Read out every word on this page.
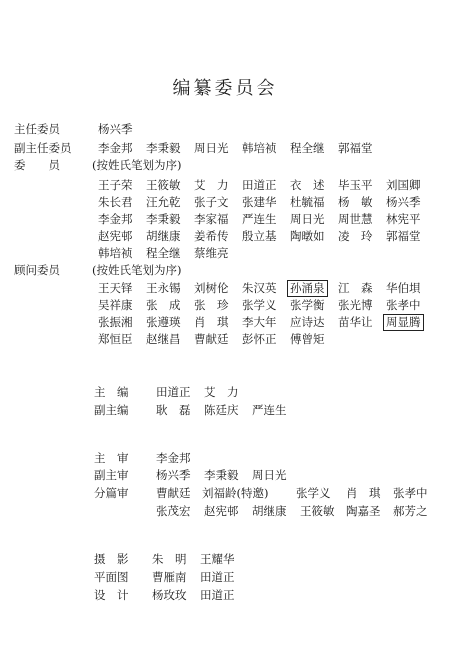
编纂委员会
主任委员	杨兴季
副主任委员 李金邦 李秉毅 周日光 韩培祯 程全继 郭福堂
委　　员	(按姓氏笔划为序)
王子荣 王筱敏 艾　力 田道正 衣　述 毕玉平 刘国卿
朱长君 汪允乾 张子文 张建华 杜毓福 杨　敏 杨兴季
李金邦 李秉毅 李家福 严连生 周日光 周世慧 林宪平
赵宪邨 胡继康 姜希传 殷立基 陶暾如 凌　玲 郭福堂
韩培祯 程全继 蔡维亮
顾问委员	(按姓氏笔划为序)
王天铎 王永锡 刘树伦 朱汉英 孙涌泉 江　森 华伯垻
吴祥康 张　成 张　珍 张学义 张学衡 张光博 张孝中
张振湘 张遵瑛 肖　琪 李大年 应诗达 苗华让 周显腾
郑恒臣 赵继昌 曹献廷 彭怀正 傅曾矩
主　编 田道正 艾　力
副主编 耿　磊 陈廷庆 严连生
主　审 李金邦
副主审 杨兴季 李秉毅 周日光
分篇审 曹献廷 刘福龄(特邀) 张学义 肖　琪 张孝中
张茂宏 赵宪邨 胡继康 王筱敏 陶嘉圣 郝芳之
摄　影 朱　明 王耀华
平面图 曹雁南 田道正
设　计 杨玫玫 田道正
